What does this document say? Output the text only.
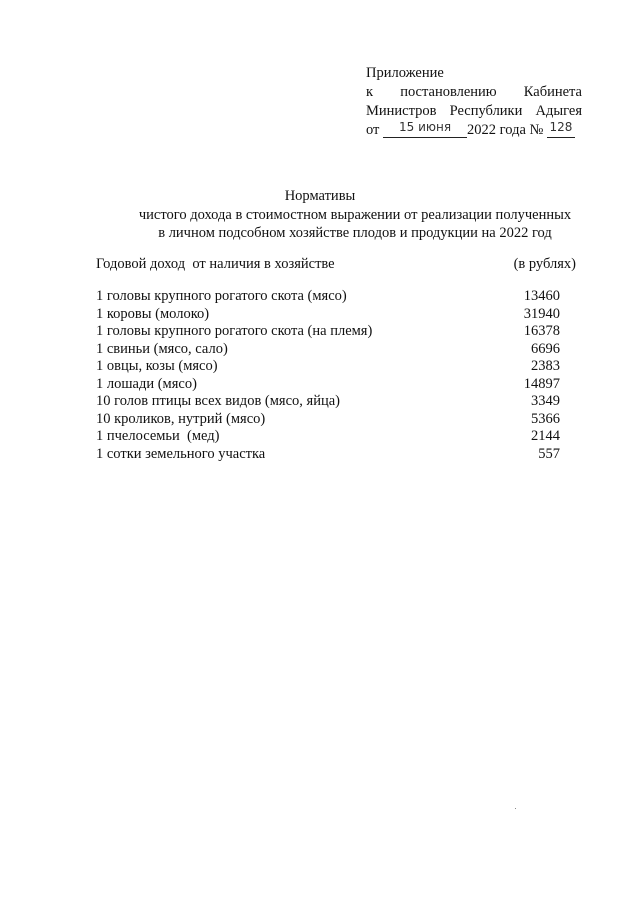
Приложение
к постановлению Кабинета
Министров Республики Адыгея
от $^{15 июня}$ 2022 года № $^{128}$
Нормативы
чистого дохода в стоимостном выражении от реализации полученных
в личном подсобном хозяйстве плодов и продукции на 2022 год
Годовой доход  от наличия в хозяйстве	(в рублях)
1 головы крупного рогатого скота (мясо)	13460
1 коровы (молоко)	31940
1 головы крупного рогатого скота (на племя)	16378
1 свиньи (мясо, сало)	6696
1 овцы, козы (мясо)	2383
1 лошади (мясо)	14897
10 голов птицы всех видов (мясо, яйца)	3349
10 кроликов, нутрий (мясо)	5366
1 пчелосемьи  (мед)	2144
1 сотки земельного участка	557
